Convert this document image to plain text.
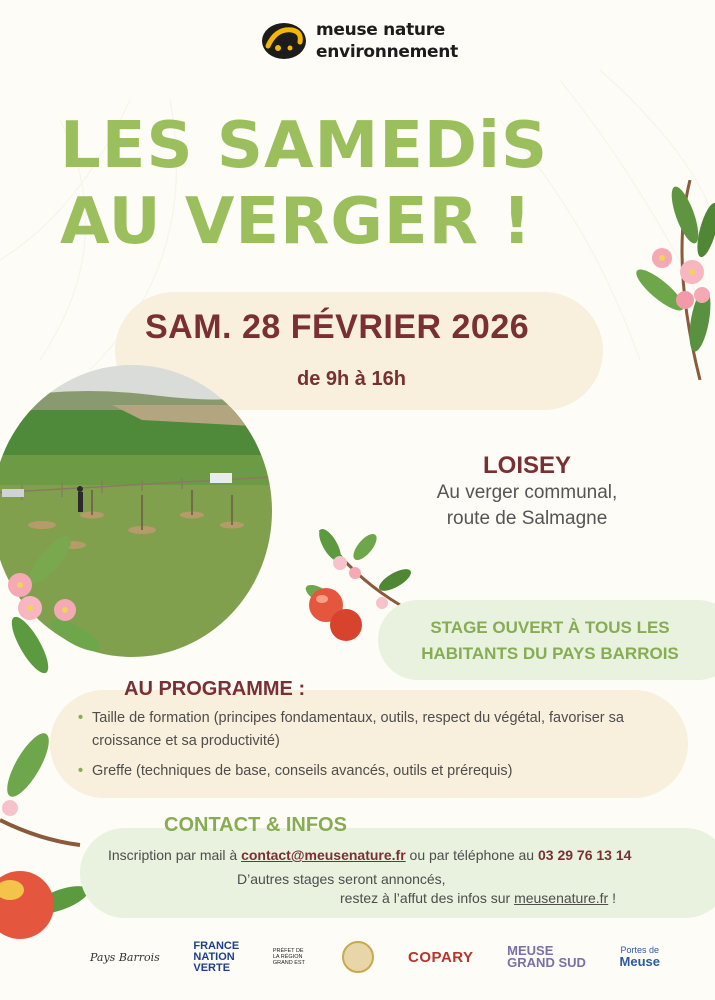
meuse nature
environnement
LES SAMEDiS
AU VERGER !
SAM. 28 FÉVRIER 2026
de 9h à 16h
LOISEY
Au verger communal,
route de Salmagne
STAGE OUVERT À TOUS LES
HABITANTS DU PAYS BARROIS
AU PROGRAMME :
• Taille de formation (principes fondamentaux, outils, respect du végétal, favoriser sa croissance et sa productivité)
• Greffe (techniques de base, conseils avancés, outils et prérequis)
CONTACT & INFOS
Inscription par mail à contact@meusenature.fr ou par téléphone au 03 29 76 13 14
D’autres stages seront annoncés,
restez à l’affut des infos sur meusenature.fr !
Pays Barrois
FRANCE
NATION
VERTE
PRÉFET DE LA RÉGION GRAND EST	COPARY	MEUSE
GRAND SUD
Portes de
Meuse
